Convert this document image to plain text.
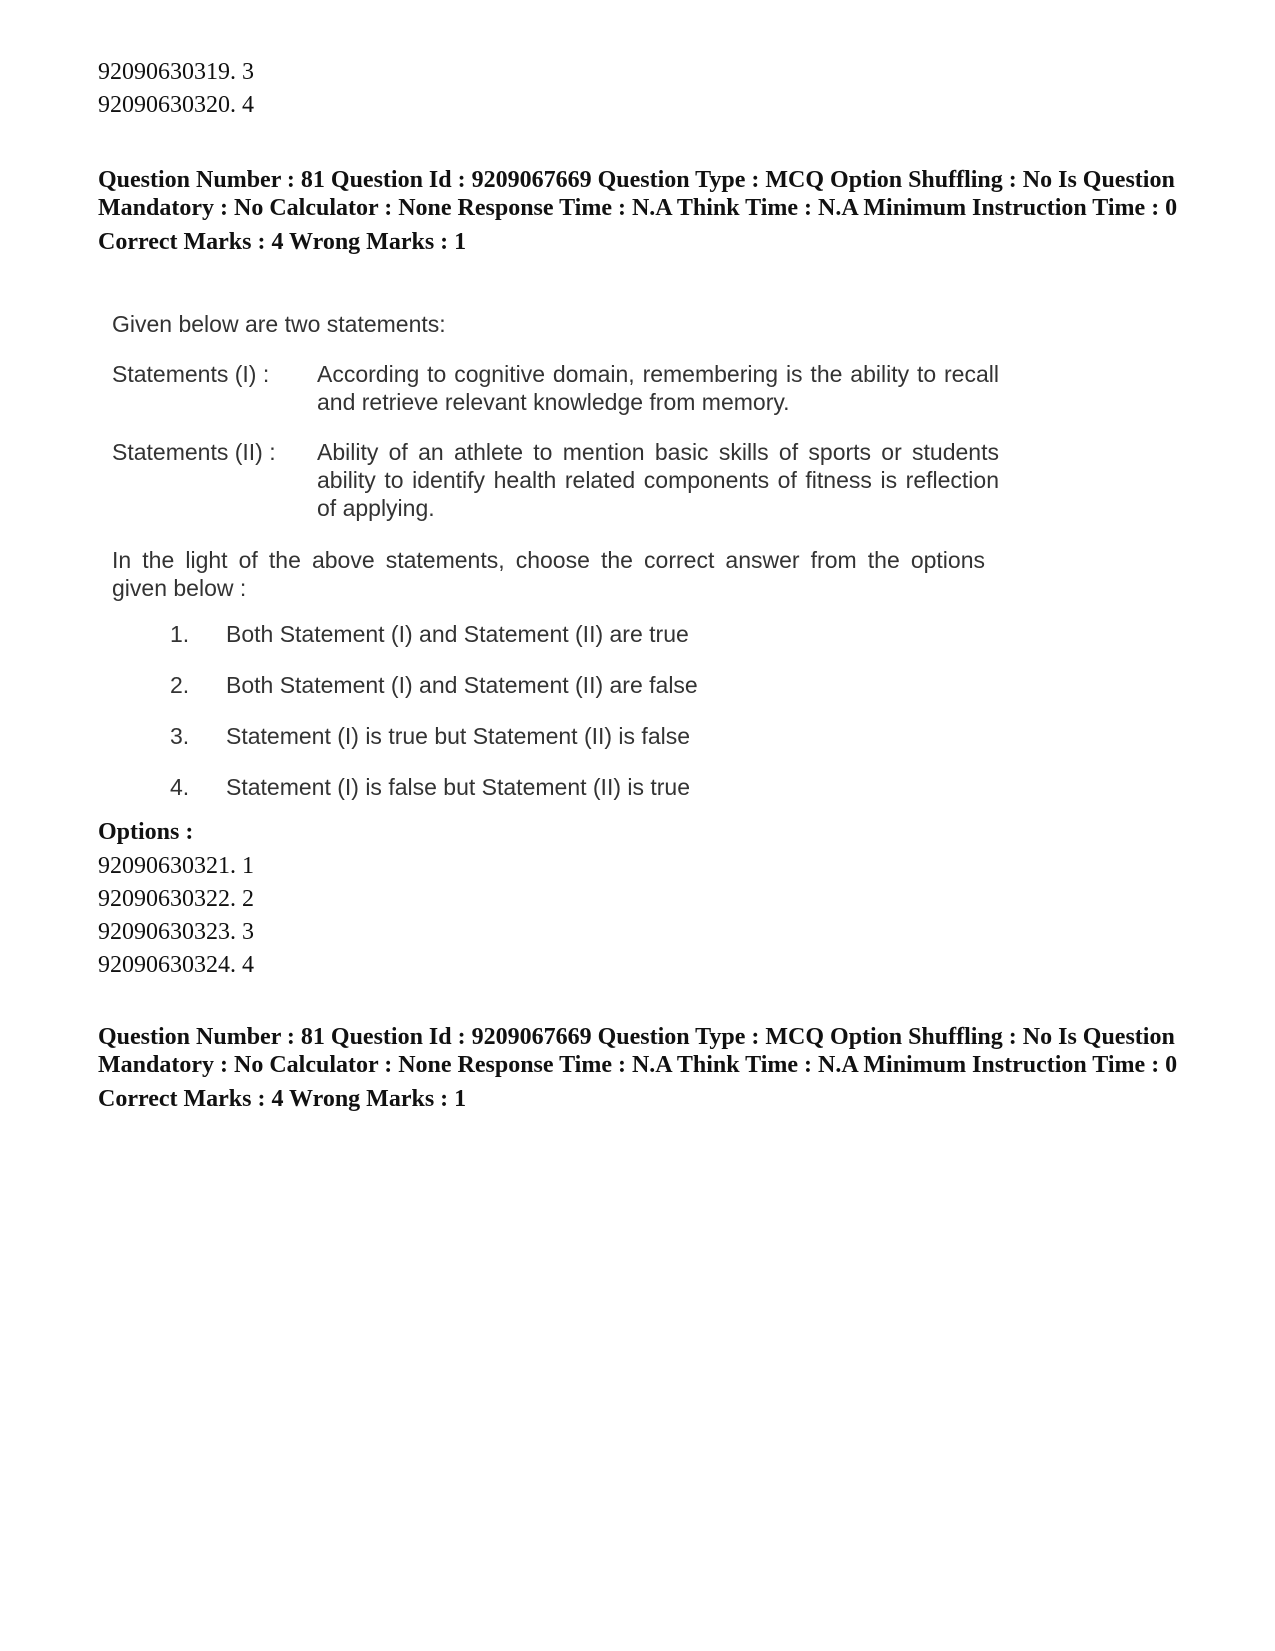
92090630319. 3
92090630320. 4
Question Number : 81 Question Id : 9209067669 Question Type : MCQ Option Shuffling : No Is Question Mandatory : No Calculator : None Response Time : N.A Think Time : N.A Minimum Instruction Time : 0
Correct Marks : 4 Wrong Marks : 1
Given below are two statements:
Statements (I) : According to cognitive domain, remembering is the ability to recall and retrieve relevant knowledge from memory.
Statements (II) : Ability of an athlete to mention basic skills of sports or students ability to identify health related components of fitness is reflection of applying.
In the light of the above statements, choose the correct answer from the options given below :
1. Both Statement (I) and Statement (II) are true
2. Both Statement (I) and Statement (II) are false
3. Statement (I) is true but Statement (II) is false
4. Statement (I) is false but Statement (II) is true
Options :
92090630321. 1
92090630322. 2
92090630323. 3
92090630324. 4
Question Number : 81 Question Id : 9209067669 Question Type : MCQ Option Shuffling : No Is Question Mandatory : No Calculator : None Response Time : N.A Think Time : N.A Minimum Instruction Time : 0
Correct Marks : 4 Wrong Marks : 1
